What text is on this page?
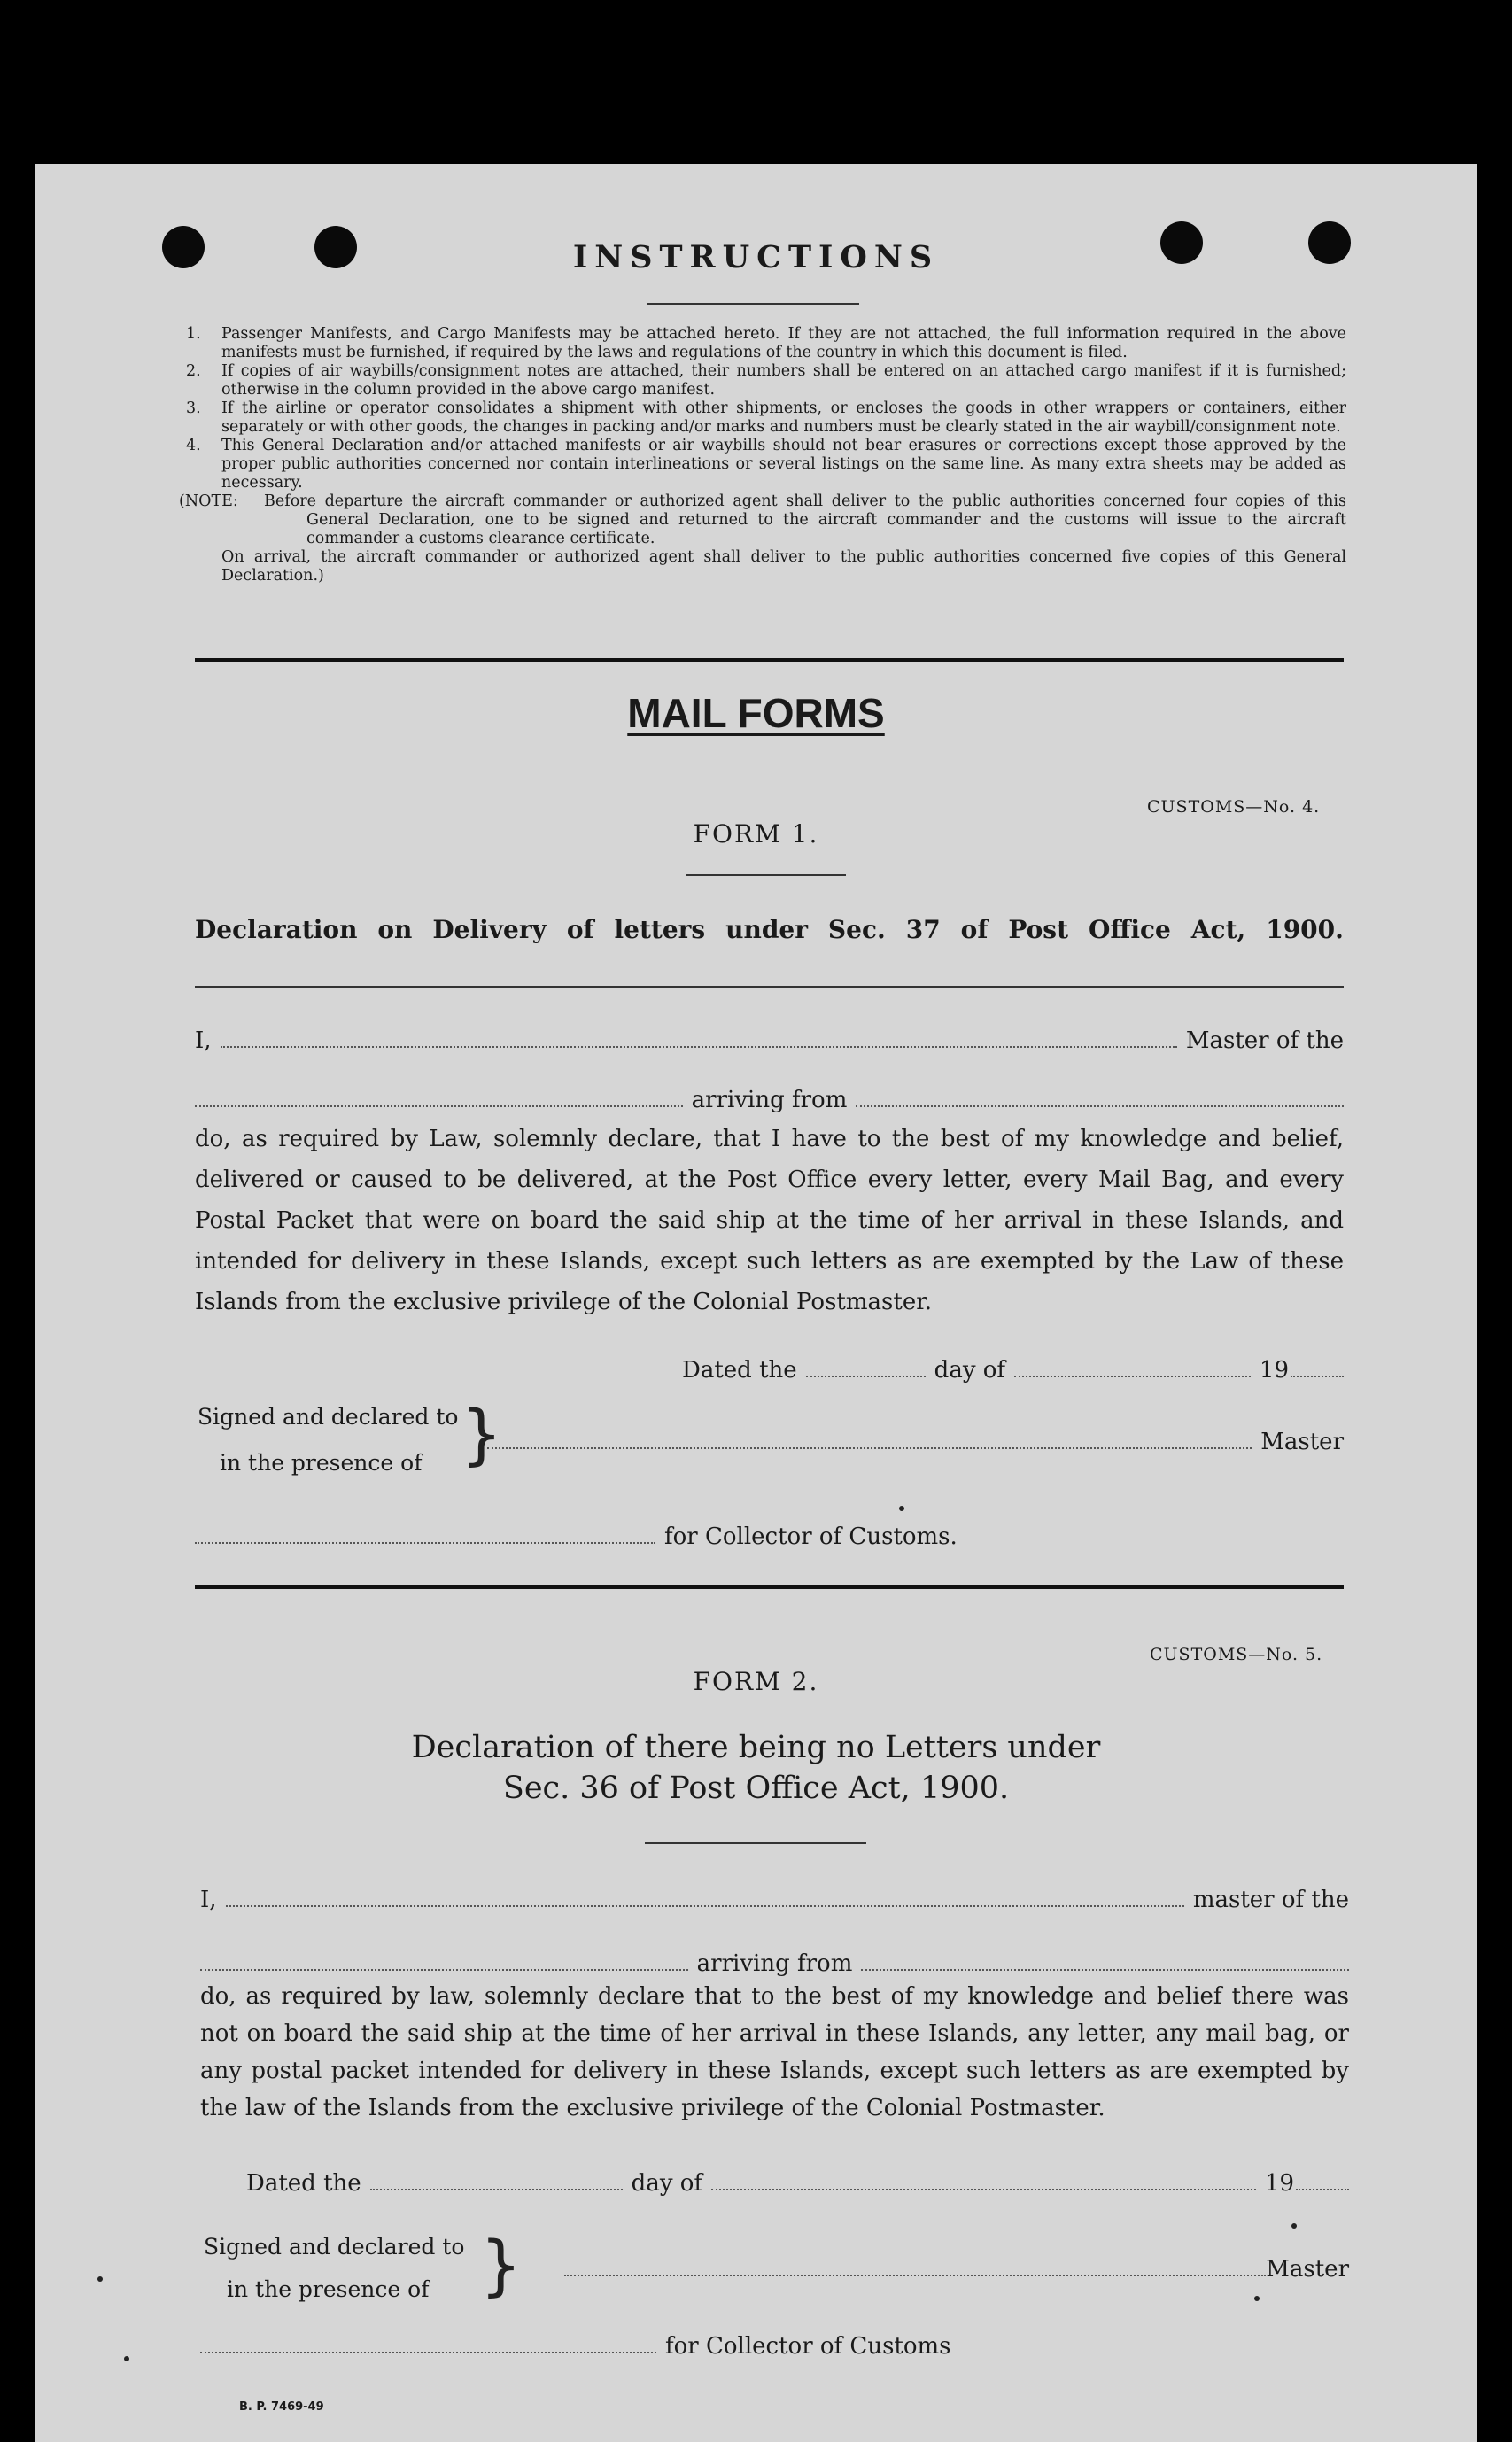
INSTRUCTIONS
1. Passenger Manifests, and Cargo Manifests may be attached hereto. If they are not attached, the full information required in the above manifests must be furnished, if required by the laws and regulations of the country in which this document is filed.
2. If copies of air waybills/consignment notes are attached, their numbers shall be entered on an attached cargo manifest if it is furnished; otherwise in the column provided in the above cargo manifest.
3. If the airline or operator consolidates a shipment with other shipments, or encloses the goods in other wrappers or containers, either separately or with other goods, the changes in packing and/or marks and numbers must be clearly stated in the air waybill/consignment note.
4. This General Declaration and/or attached manifests or air waybills should not bear erasures or corrections except those approved by the proper public authorities concerned nor contain interlineations or several listings on the same line. As many extra sheets may be added as necessary.
(NOTE: Before departure the aircraft commander or authorized agent shall deliver to the public authorities concerned four copies of this General Declaration, one to be signed and returned to the aircraft commander and the customs will issue to the aircraft commander a customs clearance certificate.
On arrival, the aircraft commander or authorized agent shall deliver to the public authorities concerned five copies of this General Declaration.)
MAIL FORMS
CUSTOMS—No. 4.
FORM 1.
Declaration on Delivery of letters under Sec. 37 of Post Office Act, 1900.
I,	Master of the
arriving from
do, as required by Law, solemnly declare, that I have to the best of my knowledge and belief, delivered or caused to be delivered, at the Post Office every letter, every Mail Bag, and every Postal Packet that were on board the said ship at the time of her arrival in these Islands, and intended for delivery in these Islands, except such letters as are exempted by the Law of these Islands from the exclusive privilege of the Colonial Postmaster.
Dated the	day of	19
Signed and declared to
in the presence of }	Master
for Collector of Customs.
CUSTOMS—No. 5.
FORM 2.
Declaration of there being no Letters under
Sec. 36 of Post Office Act, 1900.
I,	master of the
arriving from
do, as required by law, solemnly declare that to the best of my knowledge and belief there was not on board the said ship at the time of her arrival in these Islands, any letter, any mail bag, or any postal packet intended for delivery in these Islands, except such letters as are exempted by the law of the Islands from the exclusive privilege of the Colonial Postmaster.
Dated the	day of	19
Signed and declared to
in the presence of }	Master
for Collector of Customs
B. P. 7469-49
